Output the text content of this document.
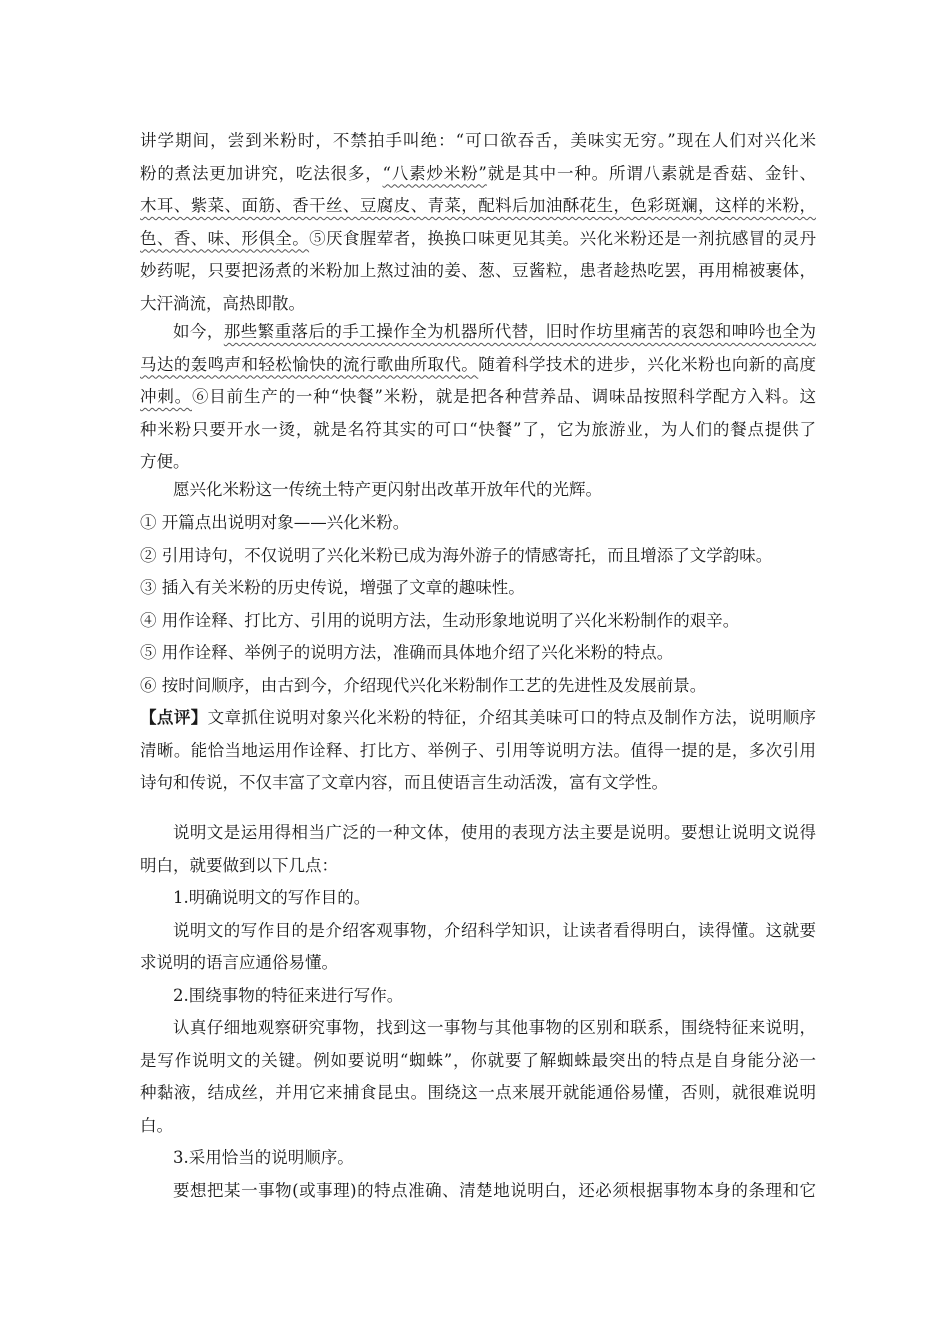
讲学期间，尝到米粉时，不禁拍手叫绝：“可口欲吞舌，美味实无穷。”现在人们对兴化米
粉的煮法更加讲究，吃法很多，“八素炒米粉”就是其中一种。所谓八素就是香菇、金针、
木耳、紫菜、面筋、香干丝、豆腐皮、青菜，配料后加油酥花生，色彩斑斓，这样的米粉，
色、香、味、形俱全。⑤厌食腥荤者，换换口味更见其美。兴化米粉还是一剂抗感冒的灵丹
妙药呢，只要把汤煮的米粉加上熬过油的姜、葱、豆酱粒，患者趁热吃罢，再用棉被裹体，
大汗淌流，高热即散。
如今，那些繁重落后的手工操作全为机器所代替，旧时作坊里痛苦的哀怨和呻吟也全为
马达的轰鸣声和轻松愉快的流行歌曲所取代。随着科学技术的进步，兴化米粉也向新的高度
冲刺。⑥目前生产的一种“快餐”米粉，就是把各种营养品、调味品按照科学配方入料。这
种米粉只要开水一烫，就是名符其实的可口“快餐”了，它为旅游业，为人们的餐点提供了
方便。
愿兴化米粉这一传统土特产更闪射出改革开放年代的光辉。
① 开篇点出说明对象——兴化米粉。
② 引用诗句，不仅说明了兴化米粉已成为海外游子的情感寄托，而且增添了文学韵味。
③ 插入有关米粉的历史传说，增强了文章的趣味性。
④ 用作诠释、打比方、引用的说明方法，生动形象地说明了兴化米粉制作的艰辛。
⑤ 用作诠释、举例子的说明方法，准确而具体地介绍了兴化米粉的特点。
⑥ 按时间顺序，由古到今，介绍现代兴化米粉制作工艺的先进性及发展前景。
【点评】文章抓住说明对象兴化米粉的特征，介绍其美味可口的特点及制作方法，说明顺序
清晰。能恰当地运用作诠释、打比方、举例子、引用等说明方法。值得一提的是，多次引用
诗句和传说，不仅丰富了文章内容，而且使语言生动活泼，富有文学性。
说明文是运用得相当广泛的一种文体，使用的表现方法主要是说明。要想让说明文说得
明白，就要做到以下几点：
1.明确说明文的写作目的。
说明文的写作目的是介绍客观事物，介绍科学知识，让读者看得明白，读得懂。这就要
求说明的语言应通俗易懂。
2.围绕事物的特征来进行写作。
认真仔细地观察研究事物，找到这一事物与其他事物的区别和联系，围绕特征来说明，
是写作说明文的关键。例如要说明“蜘蛛”，你就要了解蜘蛛最突出的特点是自身能分泌一
种黏液，结成丝，并用它来捕食昆虫。围绕这一点来展开就能通俗易懂，否则，就很难说明
白。
3.采用恰当的说明顺序。
要想把某一事物(或事理)的特点准确、清楚地说明白，还必须根据事物本身的条理和它
